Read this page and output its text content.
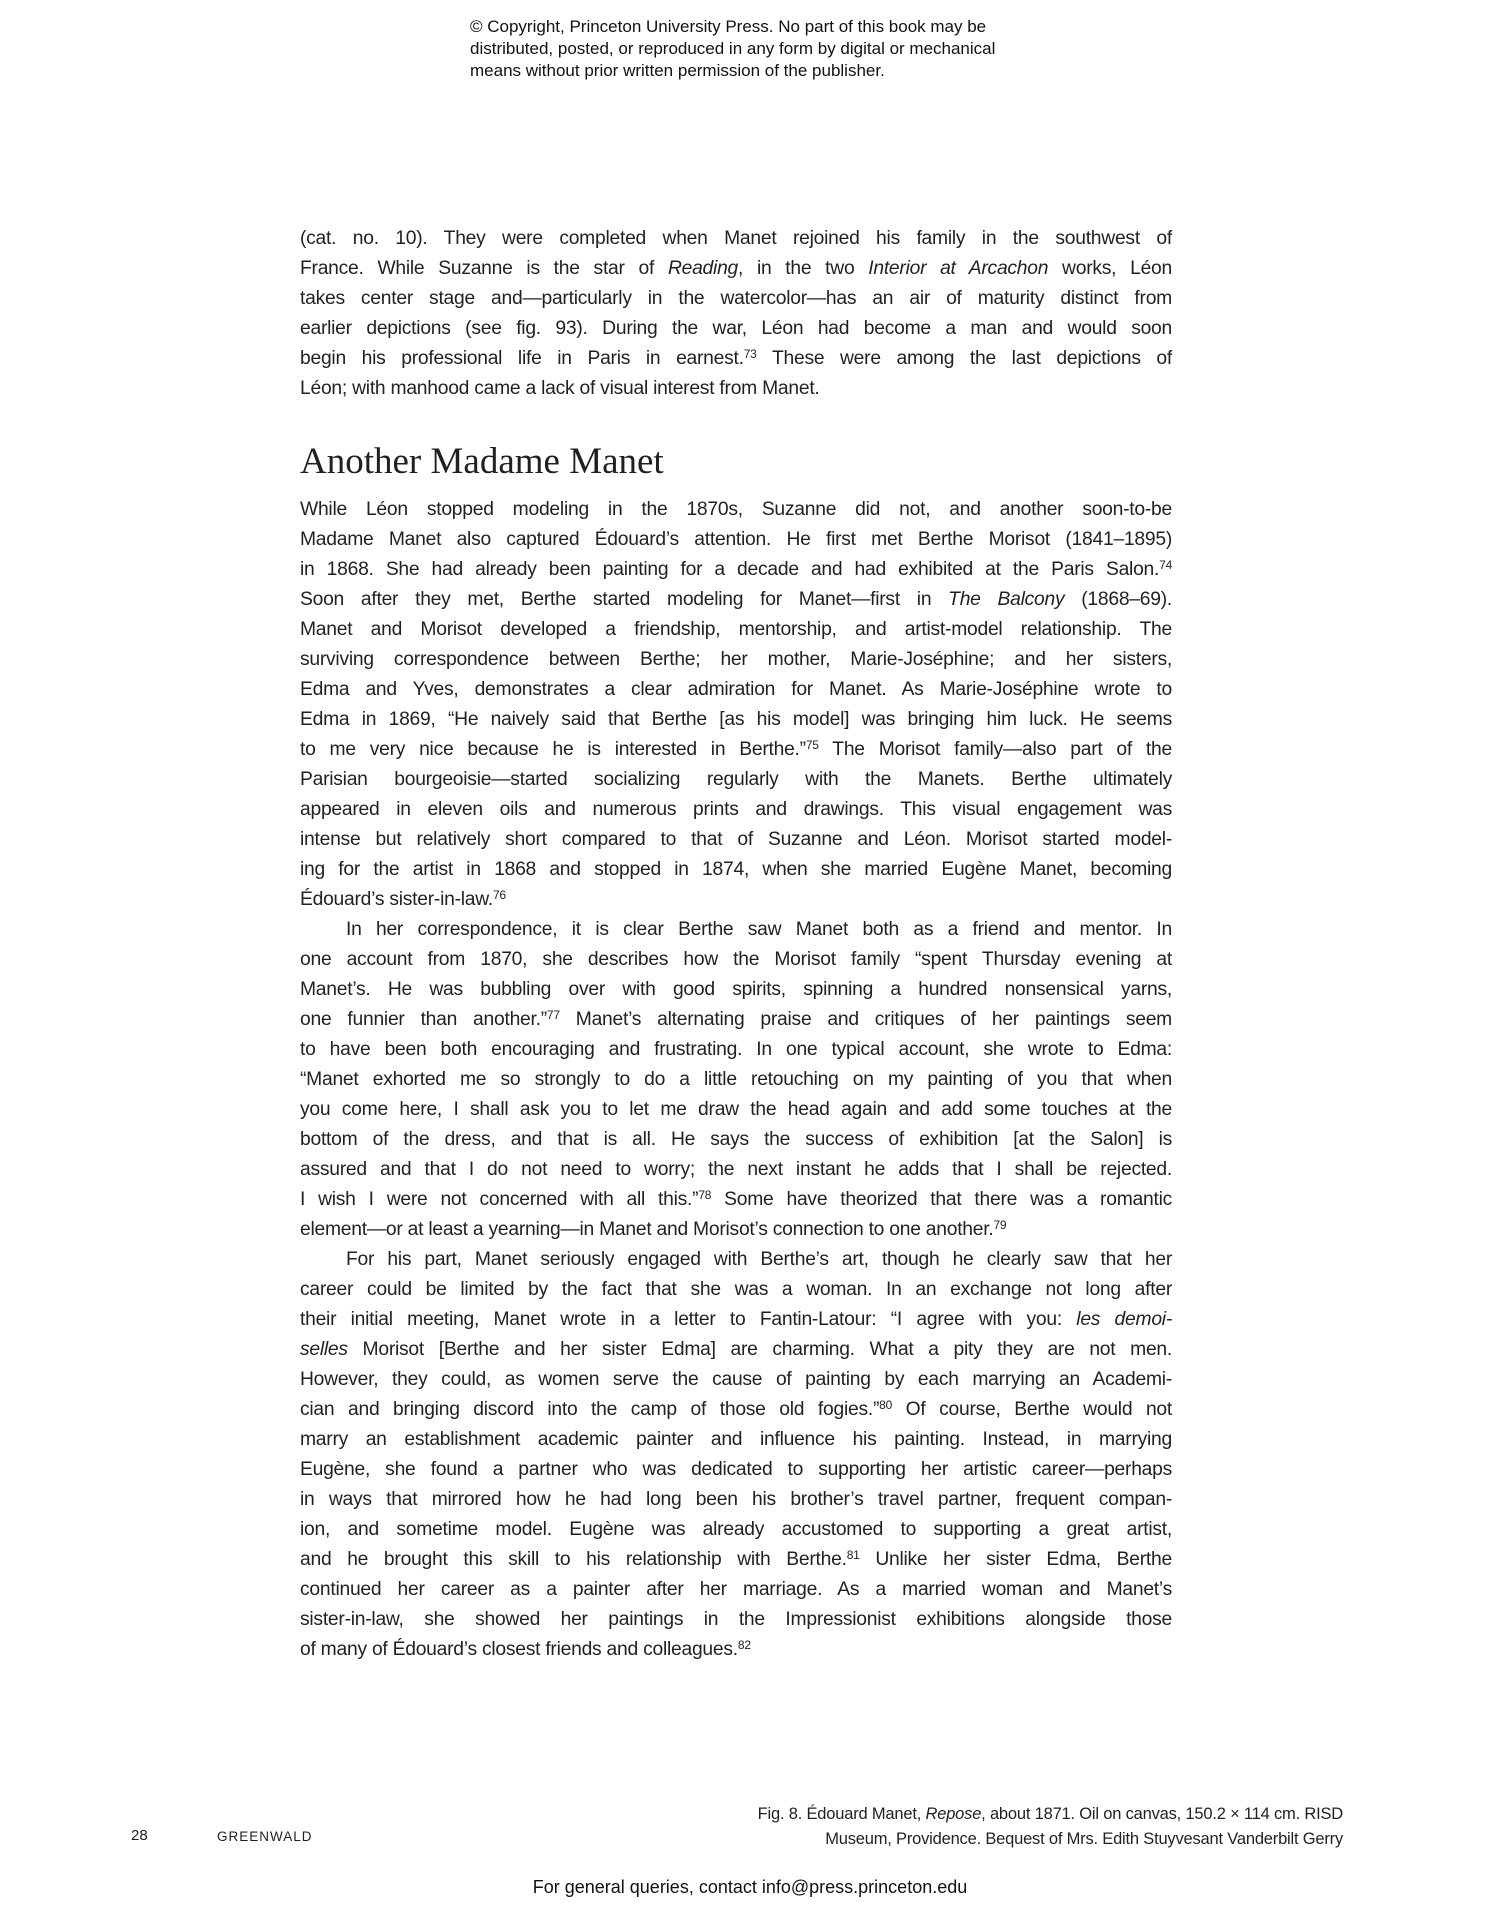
© Copyright, Princeton University Press. No part of this book may be
distributed, posted, or reproduced in any form by digital or mechanical
means without prior written permission of the publisher.
(cat. no. 10). They were completed when Manet rejoined his family in the southwest of
France. While Suzanne is the star of Reading, in the two Interior at Arcachon works, Léon
takes center stage and—particularly in the watercolor—has an air of maturity distinct from
earlier depictions (see fig. 93). During the war, Léon had become a man and would soon
begin his professional life in Paris in earnest.$^{73}$ These were among the last depictions of
Léon; with manhood came a lack of visual interest from Manet.
Another Madame Manet
While Léon stopped modeling in the 1870s, Suzanne did not, and another soon-to-be
Madame Manet also captured Édouard’s attention. He first met Berthe Morisot (1841–1895)
in 1868. She had already been painting for a decade and had exhibited at the Paris Salon.$^{74}$
Soon after they met, Berthe started modeling for Manet—first in The Balcony (1868–69).
Manet and Morisot developed a friendship, mentorship, and artist-model relationship. The
surviving correspondence between Berthe; her mother, Marie-Joséphine; and her sisters,
Edma and Yves, demonstrates a clear admiration for Manet. As Marie-Joséphine wrote to
Edma in 1869, “He naively said that Berthe [as his model] was bringing him luck. He seems
to me very nice because he is interested in Berthe.”$^{75}$ The Morisot family—also part of the
Parisian bourgeoisie—started socializing regularly with the Manets. Berthe ultimately
appeared in eleven oils and numerous prints and drawings. This visual engagement was
intense but relatively short compared to that of Suzanne and Léon. Morisot started model-
ing for the artist in 1868 and stopped in 1874, when she married Eugène Manet, becoming
Édouard’s sister-in-law.$^{76}$
In her correspondence, it is clear Berthe saw Manet both as a friend and mentor. In
one account from 1870, she describes how the Morisot family “spent Thursday evening at
Manet’s. He was bubbling over with good spirits, spinning a hundred nonsensical yarns,
one funnier than another.”$^{77}$ Manet’s alternating praise and critiques of her paintings seem
to have been both encouraging and frustrating. In one typical account, she wrote to Edma:
“Manet exhorted me so strongly to do a little retouching on my painting of you that when
you come here, I shall ask you to let me draw the head again and add some touches at the
bottom of the dress, and that is all. He says the success of exhibition [at the Salon] is
assured and that I do not need to worry; the next instant he adds that I shall be rejected.
I wish I were not concerned with all this.”$^{78}$ Some have theorized that there was a romantic
element—or at least a yearning—in Manet and Morisot’s connection to one another.$^{79}$
For his part, Manet seriously engaged with Berthe’s art, though he clearly saw that her
career could be limited by the fact that she was a woman. In an exchange not long after
their initial meeting, Manet wrote in a letter to Fantin-Latour: “I agree with you: les demoi-
selles Morisot [Berthe and her sister Edma] are charming. What a pity they are not men.
However, they could, as women serve the cause of painting by each marrying an Academi-
cian and bringing discord into the camp of those old fogies.”$^{80}$ Of course, Berthe would not
marry an establishment academic painter and influence his painting. Instead, in marrying
Eugène, she found a partner who was dedicated to supporting her artistic career—perhaps
in ways that mirrored how he had long been his brother’s travel partner, frequent compan-
ion, and sometime model. Eugène was already accustomed to supporting a great artist,
and he brought this skill to his relationship with Berthe.$^{81}$ Unlike her sister Edma, Berthe
continued her career as a painter after her marriage. As a married woman and Manet’s
sister-in-law, she showed her paintings in the Impressionist exhibitions alongside those
of many of Édouard’s closest friends and colleagues.$^{82}$
28	GREENWALD
Fig. 8. Édouard Manet, Repose, about 1871. Oil on canvas, 150.2 × 114 cm. RISD
Museum, Providence. Bequest of Mrs. Edith Stuyvesant Vanderbilt Gerry
For general queries, contact info@press.princeton.edu
